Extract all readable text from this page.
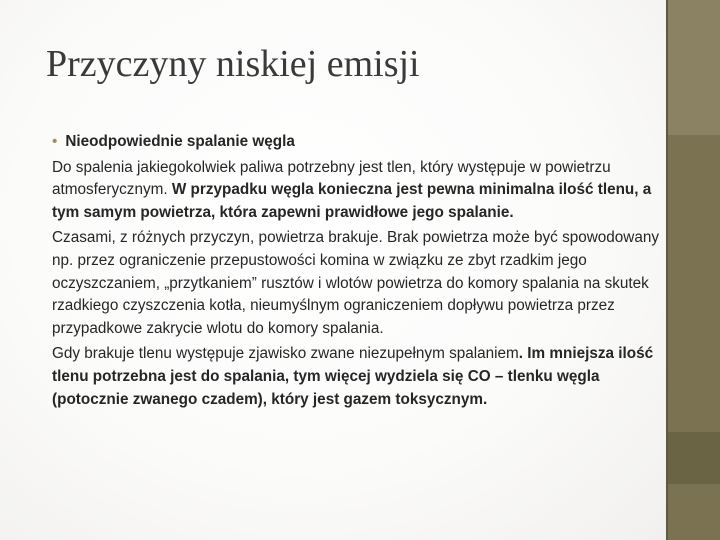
Przyczyny niskiej emisji

• Nieodpowiednie spalanie węgla

Do spalenia jakiegokolwiek paliwa potrzebny jest tlen, który występuje w powietrzu atmosferycznym. W przypadku węgla konieczna jest pewna minimalna ilość tlenu, a tym samym powietrza, która zapewni prawidłowe jego spalanie.

Czasami, z różnych przyczyn, powietrza brakuje. Brak powietrza może być spowodowany np. przez ograniczenie przepustowości komina w związku ze zbyt rzadkim jego oczyszczaniem, „przytkaniem” rusztów i wlotów powietrza do komory spalania na skutek rzadkiego czyszczenia kotła, nieumyślnym ograniczeniem dopływu powietrza przez przypadkowe zakrycie wlotu do komory spalania.

Gdy brakuje tlenu występuje zjawisko zwane niezupełnym spalaniem. Im mniejsza ilość tlenu potrzebna jest do spalania, tym więcej wydziela się CO – tlenku węgla (potocznie zwanego czadem), który jest gazem toksycznym.
